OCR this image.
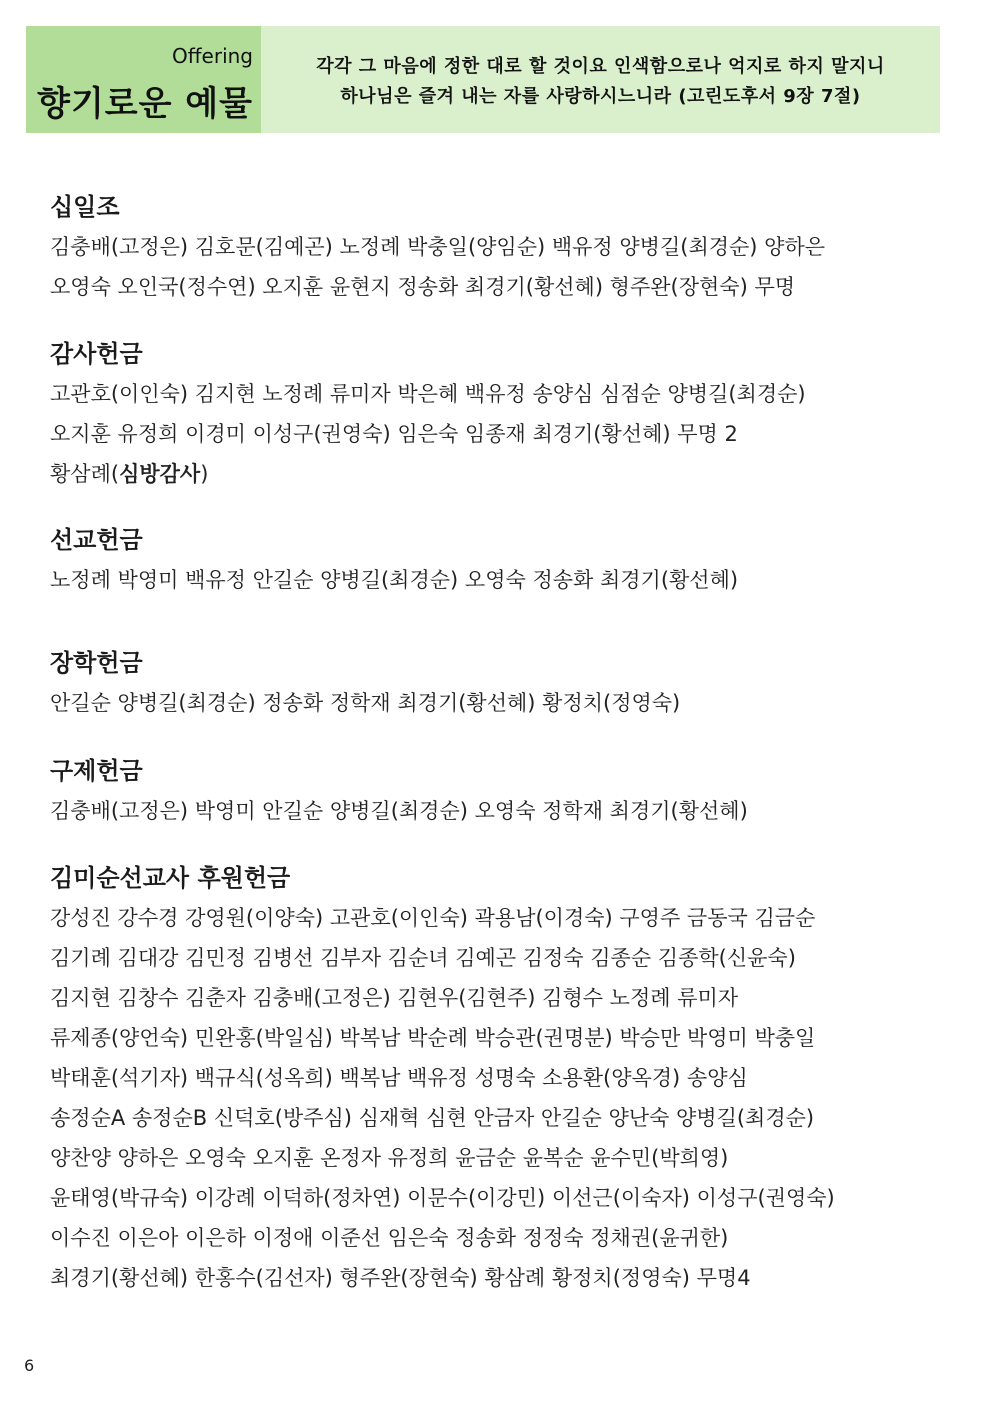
Offering
향기로운 예물
각각 그 마음에 정한 대로 할 것이요 인색함으로나 억지로 하지 말지니
하나님은 즐겨 내는 자를 사랑하시느니라 (고린도후서 9장 7절)
십일조
김충배(고정은) 김호문(김예곤) 노정례 박충일(양임순) 백유정 양병길(최경순) 양하은
오영숙 오인국(정수연) 오지훈 윤현지 정송화 최경기(황선혜) 형주완(장현숙) 무명
감사헌금
고관호(이인숙) 김지현 노정례 류미자 박은혜 백유정 송양심 심점순 양병길(최경순)
오지훈 유정희 이경미 이성구(권영숙) 임은숙 임종재 최경기(황선혜) 무명 2
황삼례(심방감사)
선교헌금
노정례 박영미 백유정 안길순 양병길(최경순) 오영숙 정송화 최경기(황선혜)
장학헌금
안길순 양병길(최경순) 정송화 정학재 최경기(황선혜) 황정치(정영숙)
구제헌금
김충배(고정은) 박영미 안길순 양병길(최경순) 오영숙 정학재 최경기(황선혜)
김미순선교사 후원헌금
강성진 강수경 강영원(이양숙) 고관호(이인숙) 곽용남(이경숙) 구영주 금동국 김금순
김기례 김대강 김민정 김병선 김부자 김순녀 김예곤 김정숙 김종순 김종학(신윤숙)
김지현 김창수 김춘자 김충배(고정은) 김현우(김현주) 김형수 노정례 류미자
류제종(양언숙) 민완홍(박일심) 박복남 박순례 박승관(권명분) 박승만 박영미 박충일
박태훈(석기자) 백규식(성옥희) 백복남 백유정 성명숙 소용환(양옥경) 송양심
송정순A 송정순B 신덕호(방주심) 심재혁 심현 안금자 안길순 양난숙 양병길(최경순)
양찬양 양하은 오영숙 오지훈 온정자 유정희 윤금순 윤복순 윤수민(박희영)
윤태영(박규숙) 이강례 이덕하(정차연) 이문수(이강민) 이선근(이숙자) 이성구(권영숙)
이수진 이은아 이은하 이정애 이준선 임은숙 정송화 정정숙 정채권(윤귀한)
최경기(황선혜) 한홍수(김선자) 형주완(장현숙) 황삼례 황정치(정영숙) 무명4
6
